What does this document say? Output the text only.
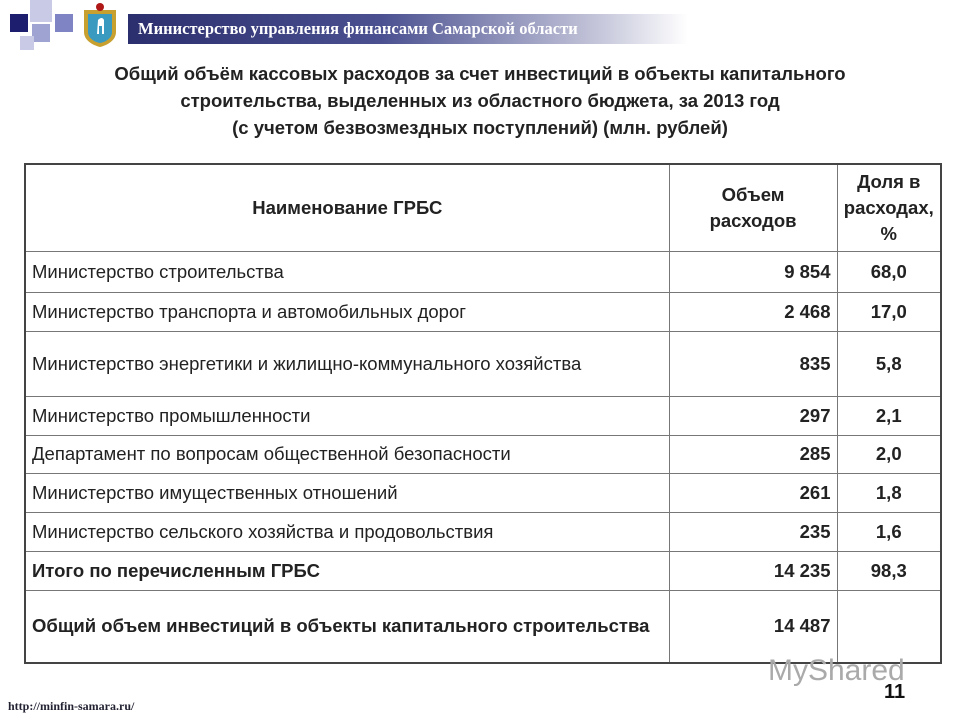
Министерство управления финансами Самарской области
Общий объём кассовых расходов за счет инвестиций в объекты капитального
строительства, выделенных из областного бюджета, за 2013 год
(с учетом безвозмездных поступлений) (млн. рублей)
Наименование ГРБС	Объем расходов	Доля в расходах, %
Министерство строительства	9 854	68,0
Министерство транспорта и автомобильных дорог	2 468	17,0
Министерство энергетики и жилищно-коммунального хозяйства	835	5,8
Министерство промышленности	297	2,1
Департамент по вопросам общественной безопасности	285	2,0
Министерство имущественных отношений	261	1,8
Министерство сельского хозяйства и продовольствия	235	1,6
Итого по перечисленным ГРБС	14 235	98,3
Общий объем инвестиций в объекты капитального строительства	14 487	
MyShared
http://minfin-samara.ru/
11
